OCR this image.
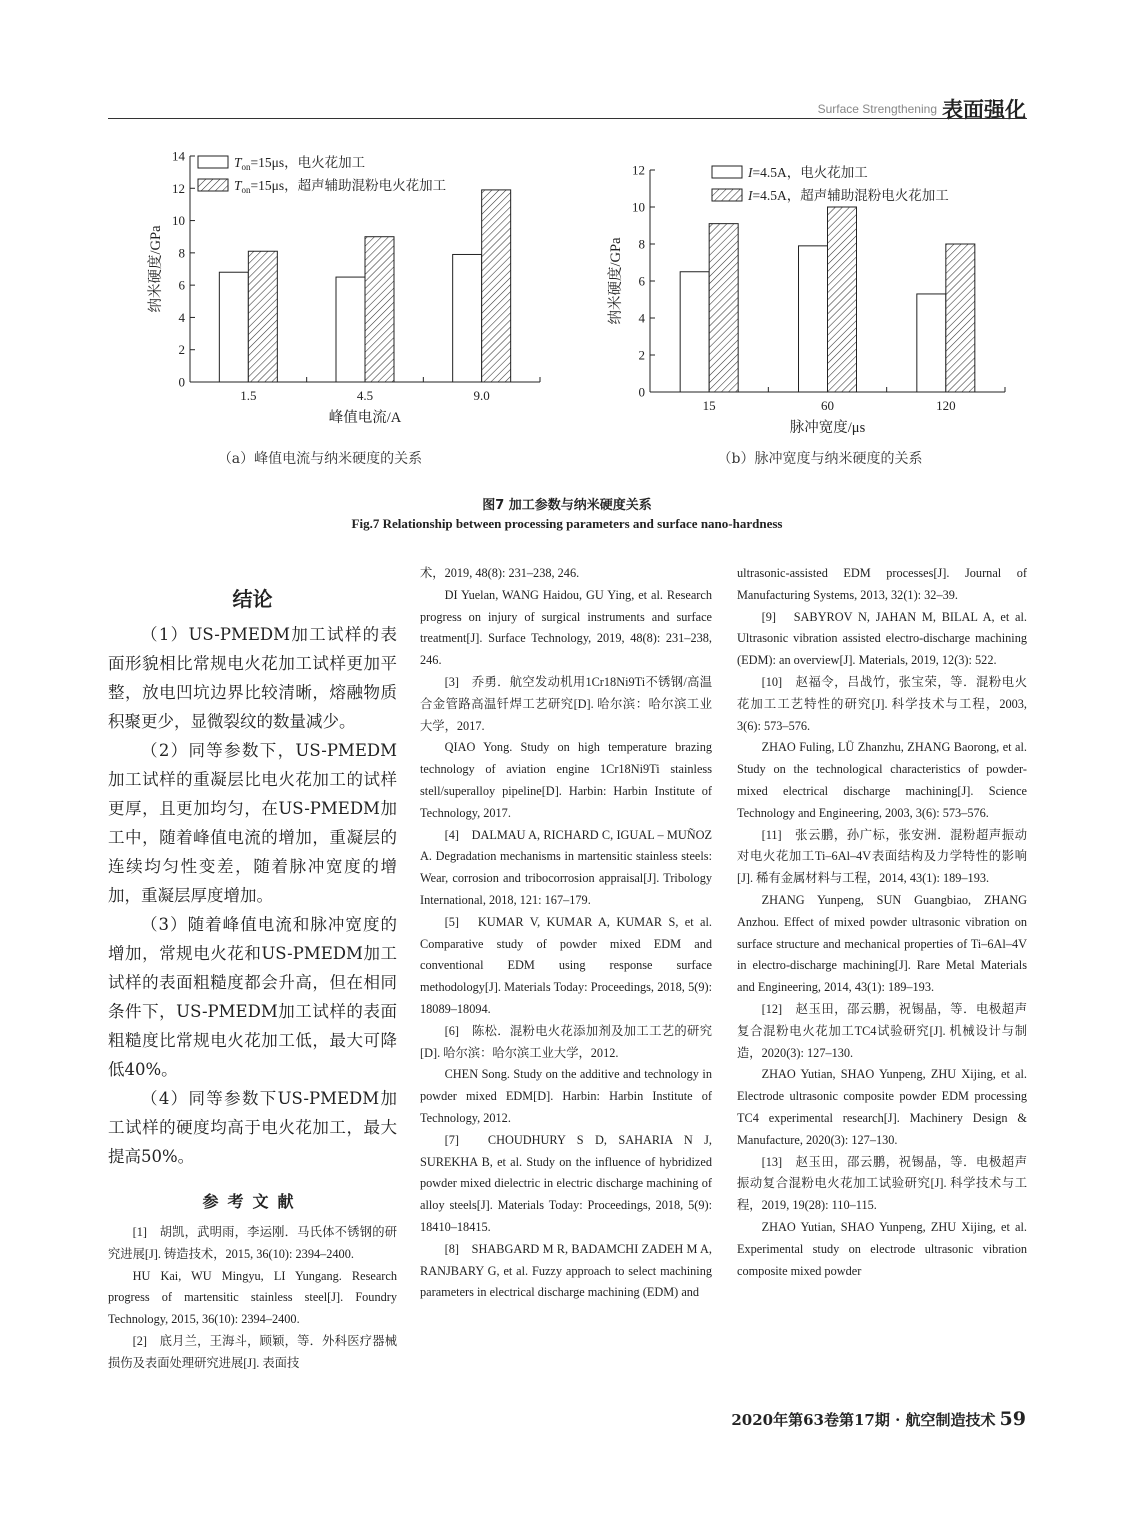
Surface Strengthening 表面强化
0
2
4
6
8
10
12
14
1.5	4.5	9.0
峰值电流/A
纳米硬度/GPa
$T_{on}=15\mu s$，电火花加工
$T_{on}=15\mu s$，超声辅助混粉电火花加工
0
2
4
6
8
10
12
15	60	120
脉冲宽度/μs
纳米硬度/GPa
I=4.5A，电火花加工
I=4.5A，超声辅助混粉电火花加工
（a）峰值电流与纳米硬度的关系	（b）脉冲宽度与纳米硬度的关系
图7 加工参数与纳米硬度关系
Fig.7 Relationship between processing parameters and surface nano-hardness
结论

（1）US-PMEDM加工试样的表面形貌相比常规电火花加工试样更加平整，放电凹坑边界比较清晰，熔融物质积聚更少，显微裂纹的数量减少。

（2）同等参数下，US-PMEDM加工试样的重凝层比电火花加工的试样更厚，且更加均匀，在US-PMEDM加工中，随着峰值电流的增加，重凝层的连续均匀性变差，随着脉冲宽度的增加，重凝层厚度增加。

（3）随着峰值电流和脉冲宽度的增加，常规电火花和US-PMEDM加工试样的表面粗糙度都会升高，但在相同条件下，US-PMEDM加工试样的表面粗糙度比常规电火花加工低，最大可降低40%。

（4）同等参数下US-PMEDM加工试样的硬度均高于电火花加工，最大提高50%。

参考文献

[1]　胡凯，武明雨，李运刚．马氏体不锈钢的研究进展[J]. 铸造技术，2015, 36(10): 2394–2400.

HU Kai, WU Mingyu, LI Yungang. Research progress of martensitic stainless steel[J]. Foundry Technology, 2015, 36(10): 2394–2400.

[2]　底月兰，王海斗，顾颖，等．外科医疗器械损伤及表面处理研究进展[J]. 表面技

术，2019, 48(8): 231–238, 246.

DI Yuelan, WANG Haidou, GU Ying, et al. Research progress on injury of surgical instruments and surface treatment[J]. Surface Technology, 2019, 48(8): 231–238, 246.

[3]　乔勇．航空发动机用1Cr18Ni9Ti不锈钢/高温合金管路高温钎焊工艺研究[D]. 哈尔滨：哈尔滨工业大学，2017.

QIAO Yong. Study on high temperature brazing technology of aviation engine 1Cr18Ni9Ti stainless stell/superalloy pipeline[D]. Harbin: Harbin Institute of Technology, 2017.

[4]　DALMAU A, RICHARD C, IGUAL – MUÑOZ A. Degradation mechanisms in martensitic stainless steels: Wear, corrosion and tribocorrosion appraisal[J]. Tribology International, 2018, 121: 167–179.

[5]　KUMAR V, KUMAR A, KUMAR S, et al. Comparative study of powder mixed EDM and conventional EDM using response surface methodology[J]. Materials Today: Proceedings, 2018, 5(9): 18089–18094.

[6]　陈松．混粉电火花添加剂及加工工艺的研究[D]. 哈尔滨：哈尔滨工业大学，2012.

CHEN Song. Study on the additive and technology in powder mixed EDM[D]. Harbin: Harbin Institute of Technology, 2012.

[7]　CHOUDHURY S D, SAHARIA N J, SUREKHA B, et al. Study on the influence of hybridized powder mixed dielectric in electric discharge machining of alloy steels[J]. Materials Today: Proceedings, 2018, 5(9): 18410–18415.

[8]　SHABGARD M R, BADAMCHI ZADEH M A, RANJBARY G, et al. Fuzzy approach to select machining parameters in electrical discharge machining (EDM) and

ultrasonic-assisted EDM processes[J]. Journal of Manufacturing Systems, 2013, 32(1): 32–39.

[9]　SABYROV N, JAHAN M, BILAL A, et al. Ultrasonic vibration assisted electro-discharge machining (EDM): an overview[J]. Materials, 2019, 12(3): 522.

[10]　赵福令，吕战竹，张宝荣，等．混粉电火花加工工艺特性的研究[J]. 科学技术与工程，2003, 3(6): 573–576.

ZHAO Fuling, LÜ Zhanzhu, ZHANG Baorong, et al. Study on the technological characteristics of powder-mixed electrical discharge machining[J]. Science Technology and Engineering, 2003, 3(6): 573–576.

[11]　张云鹏，孙广标，张安洲．混粉超声振动对电火花加工Ti–6Al–4V表面结构及力学特性的影响[J]. 稀有金属材料与工程，2014, 43(1): 189–193.

ZHANG Yunpeng, SUN Guangbiao, ZHANG Anzhou. Effect of mixed powder ultrasonic vibration on surface structure and mechanical properties of Ti–6Al–4V in electro-discharge machining[J]. Rare Metal Materials and Engineering, 2014, 43(1): 189–193.

[12]　赵玉田，邵云鹏，祝锡晶，等．电极超声复合混粉电火花加工TC4试验研究[J]. 机械设计与制造，2020(3): 127–130.

ZHAO Yutian, SHAO Yunpeng, ZHU Xijing, et al. Electrode ultrasonic composite powder EDM processing TC4 experimental research[J]. Machinery Design & Manufacture, 2020(3): 127–130.

[13]　赵玉田，邵云鹏，祝锡晶，等．电极超声振动复合混粉电火花加工试验研究[J]. 科学技术与工程，2019, 19(28): 110–115.

ZHAO Yutian, SHAO Yunpeng, ZHU Xijing, et al. Experimental study on electrode ultrasonic vibration composite mixed powder

2020年第63卷第17期 · 航空制造技术 59
